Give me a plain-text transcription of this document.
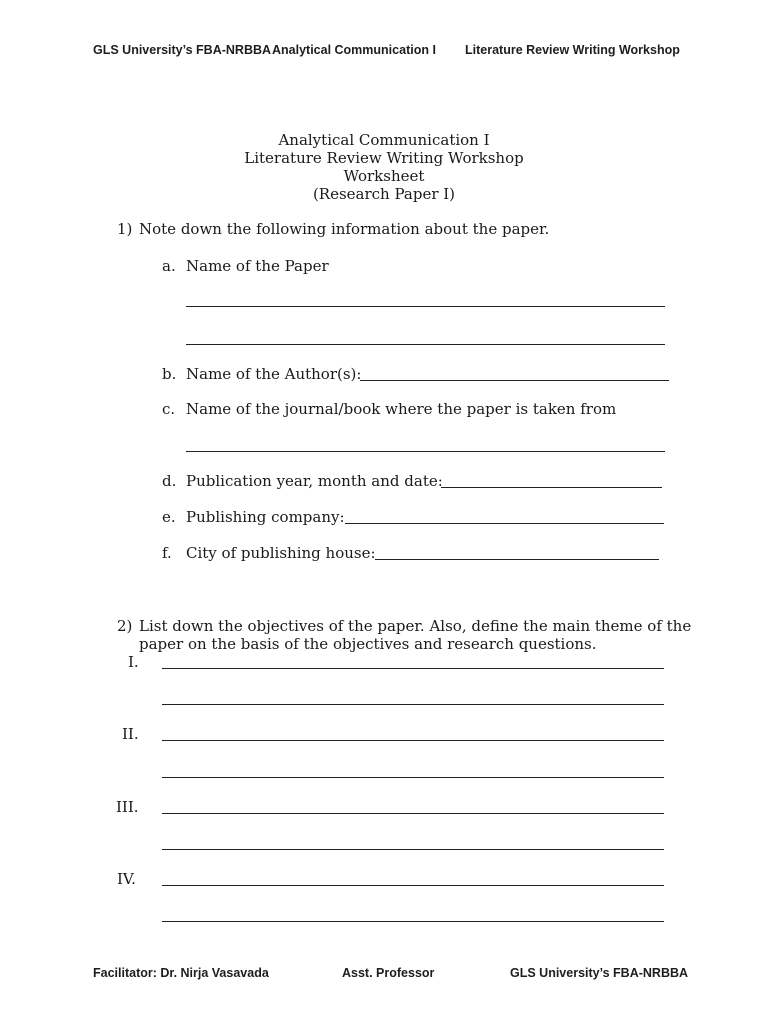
GLS University’s FBA-NRBBA Analytical Communication I Literature Review Writing Workshop
Analytical Communication I
Literature Review Writing Workshop
Worksheet
(Research Paper I)
1) Note down the following information about the paper.
a. Name of the Paper
b. Name of the Author(s):
c. Name of the journal/book where the paper is taken from
d. Publication year, month and date:
e. Publishing company:
f. City of publishing house:
2) List down the objectives of the paper. Also, define the main theme of the
paper on the basis of the objectives and research questions.
I.
II.
III.
IV.
Facilitator: Dr. Nirja Vasavada	Asst. Professor	GLS University’s FBA-NRBBA
